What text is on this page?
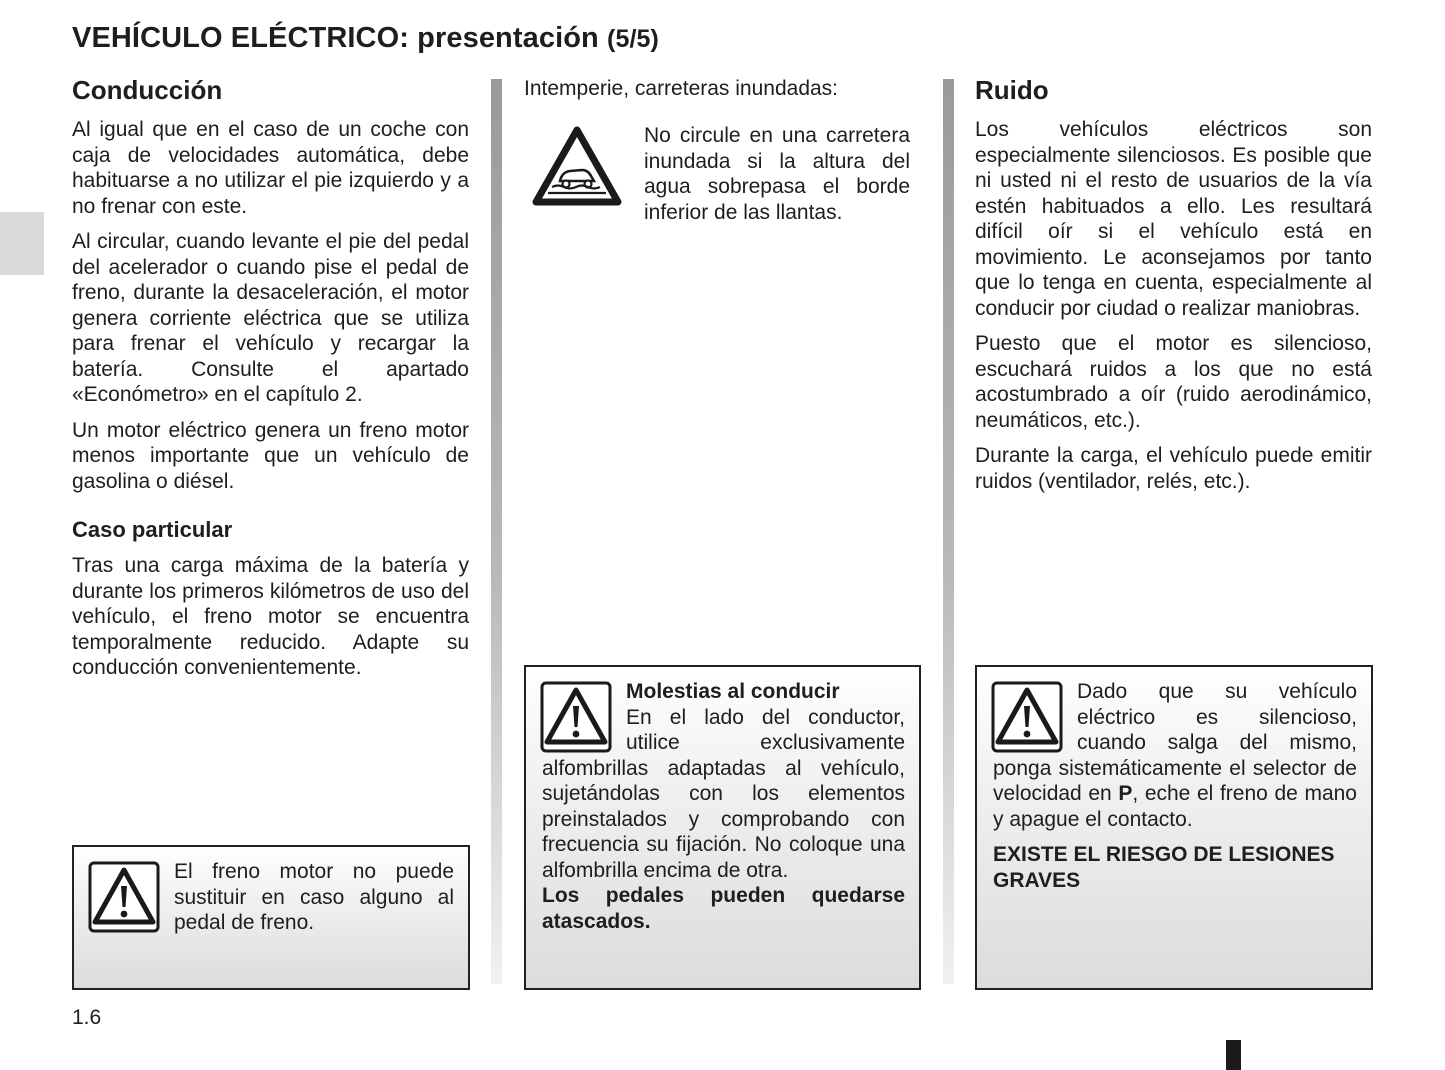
VEHÍCULO ELÉCTRICO: presentación (5/5)
Conducción

Al igual que en el caso de un coche con caja de velocidades automática, debe habituarse a no utilizar el pie izquierdo y a no frenar con este.

Al circular, cuando levante el pie del pedal del acelerador o cuando pise el pedal de freno, durante la desaceleración, el motor genera corriente eléctrica que se utiliza para frenar el vehículo y recargar la batería. Consulte el apartado «Económetro» en el capítulo 2.

Un motor eléctrico genera un freno motor menos importante que un vehículo de gasolina o diésel.

Caso particular

Tras una carga máxima de la batería y durante los primeros kilómetros de uso del vehículo, el freno motor se encuentra temporalmente reducido. Adapte su conducción convenientemente.

El freno motor no puede sustituir en caso alguno al pedal de freno.

Intemperie, carreteras inundadas:

No circule en una carretera inundada si la altura del agua sobrepasa el borde inferior de las llantas.

Molestias al conducir
En el lado del conductor, utilice exclusivamente alfombrillas adaptadas al vehículo, sujetándolas con los elementos preinstalados y comprobando con frecuencia su fijación. No coloque una alfombrilla encima de otra.

Los pedales pueden quedarse atascados.

Ruido

Los vehículos eléctricos son especialmente silenciosos. Es posible que ni usted ni el resto de usuarios de la vía estén habituados a ello. Les resultará difícil oír si el vehículo está en movimiento. Le aconsejamos por tanto que lo tenga en cuenta, especialmente al conducir por ciudad o realizar maniobras.

Puesto que el motor es silencioso, escuchará ruidos a los que no está acostumbrado a oír (ruido aerodinámico, neumáticos, etc.).

Durante la carga, el vehículo puede emitir ruidos (ventilador, relés, etc.).

Dado que su vehículo eléctrico es silencioso, cuando salga del mismo, ponga sistemáticamente el selector de velocidad en P, eche el freno de mano y apague el contacto.

EXISTE EL RIESGO DE LESIONES GRAVES

1.6
